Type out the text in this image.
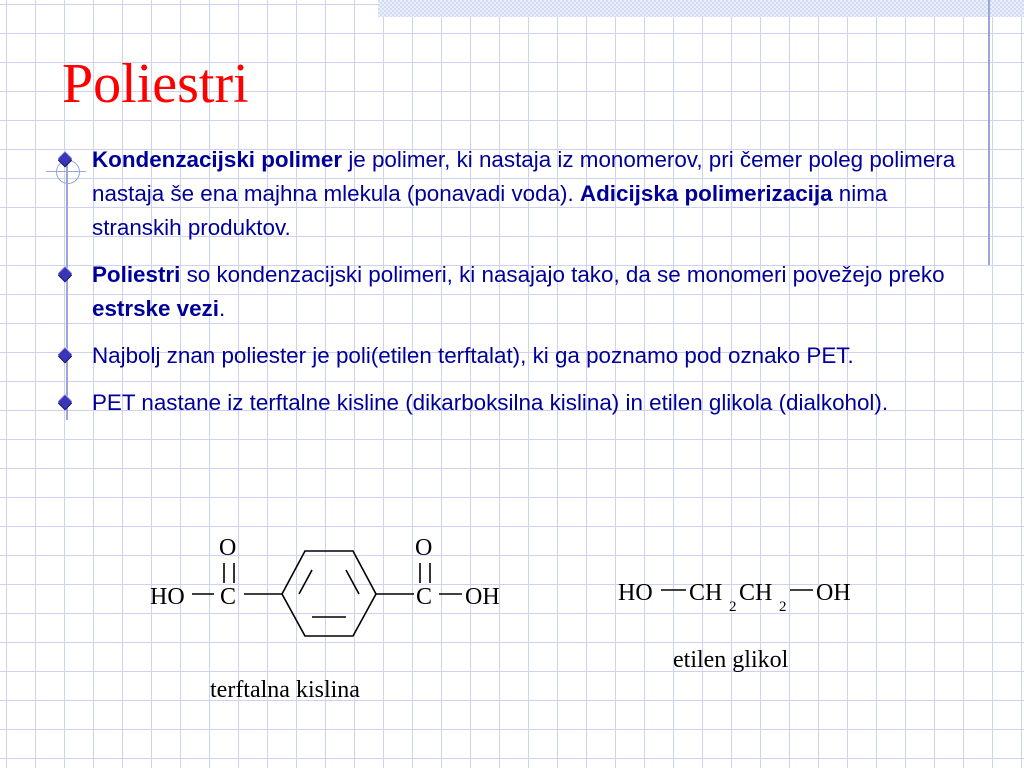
Poliestri
Kondenzacijski polimer je polimer, ki nastaja iz monomerov, pri čemer poleg polimera nastaja še ena majhna mlekula (ponavadi voda). Adicijska polimerizacija nima stranskih produktov.
Poliestri so kondenzacijski polimeri, ki nasajajo tako, da se monomeri povežejo preko estrske vezi.
Najbolj znan poliester je poli(etilen terftalat), ki ga poznamo pod oznako PET.
PET nastane iz terftalne kisline (dikarboksilna kislina) in etilen glikola (dialkohol).
HO C
O
C
O
OH
terftalna kislina
HO CH
2
CH
2
OH
etilen glikol
